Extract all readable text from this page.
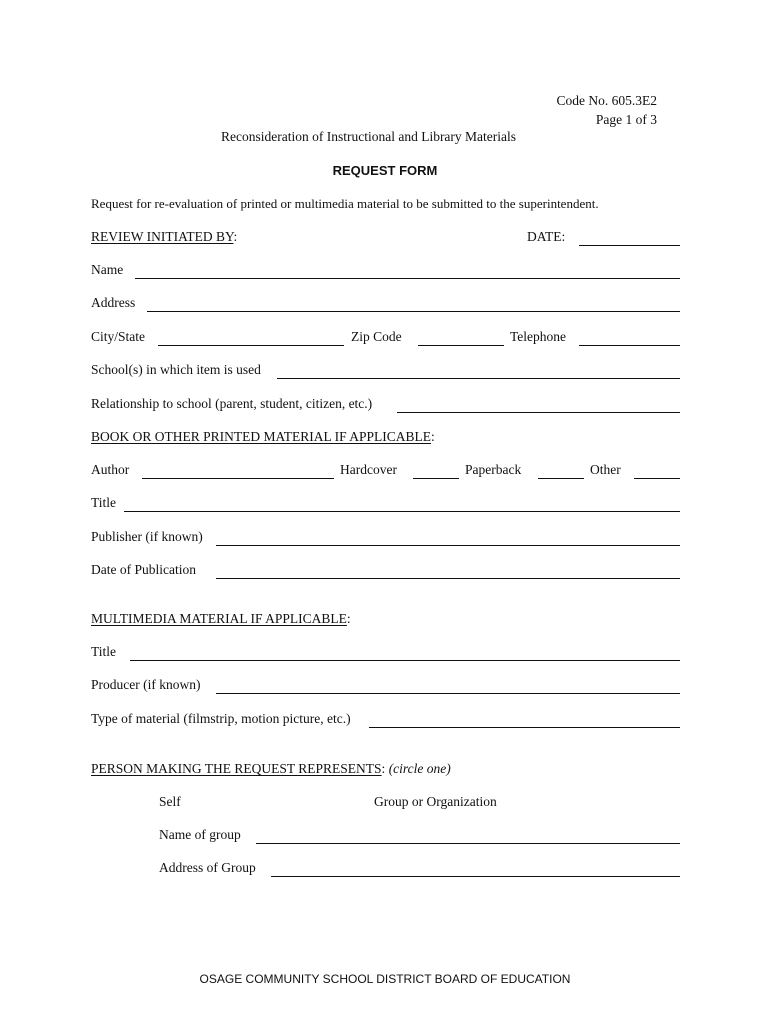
Code No. 605.3E2
Page 1 of 3
Reconsideration of Instructional and Library Materials
REQUEST FORM
Request for re-evaluation of printed or multimedia material to be submitted to the superintendent.
REVIEW INITIATED BY:	DATE:
Name
Address
City/State	Zip Code	Telephone
School(s) in which item is used
Relationship to school (parent, student, citizen, etc.)
BOOK OR OTHER PRINTED MATERIAL IF APPLICABLE:
Author	Hardcover	Paperback	Other
Title
Publisher (if known)
Date of Publication
MULTIMEDIA MATERIAL IF APPLICABLE:
Title
Producer (if known)
Type of material (filmstrip, motion picture, etc.)
PERSON MAKING THE REQUEST REPRESENTS: (circle one)
Self	Group or Organization
Name of group
Address of Group
OSAGE COMMUNITY SCHOOL DISTRICT BOARD OF EDUCATION
